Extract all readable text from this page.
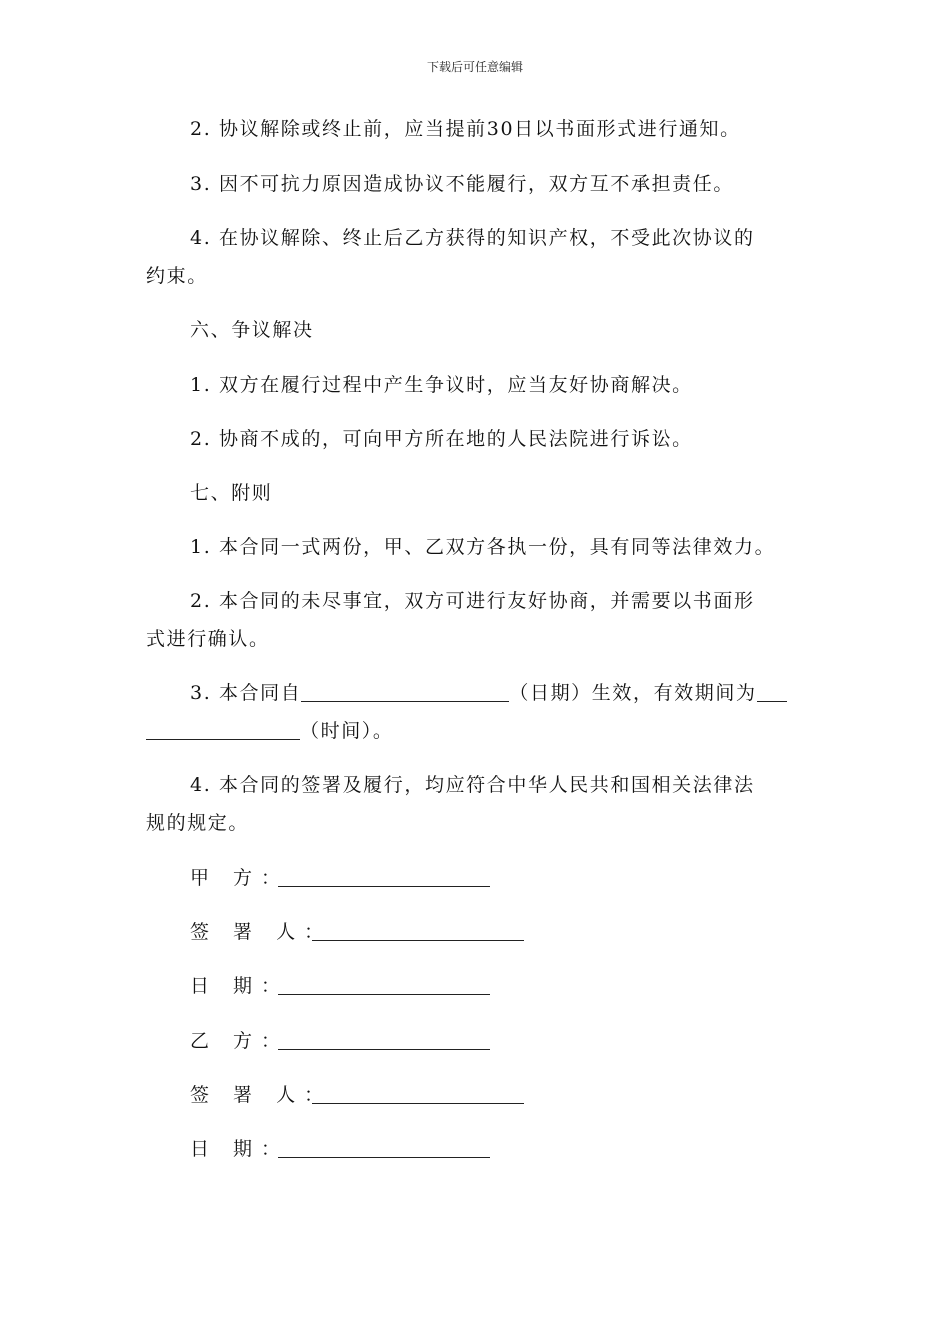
下载后可任意编辑
2. 协议解除或终止前，应当提前30日以书面形式进行通知。
3. 因不可抗力原因造成协议不能履行，双方互不承担责任。
4. 在协议解除、终止后乙方获得的知识产权，不受此次协议的
约束。
六、争议解决
1. 双方在履行过程中产生争议时，应当友好协商解决。
2. 协商不成的，可向甲方所在地的人民法院进行诉讼。
七、附则
1. 本合同一式两份，甲、乙双方各执一份，具有同等法律效力。
2. 本合同的未尽事宜，双方可进行友好协商，并需要以书面形
式进行确认。
3. 本合同自	（日期）生效，有效期间为
（时间）。
4. 本合同的签署及履行，均应符合中华人民共和国相关法律法
规的规定。
甲 方：
签 署 人：
日 期：
乙 方：
签 署 人：
日 期：
